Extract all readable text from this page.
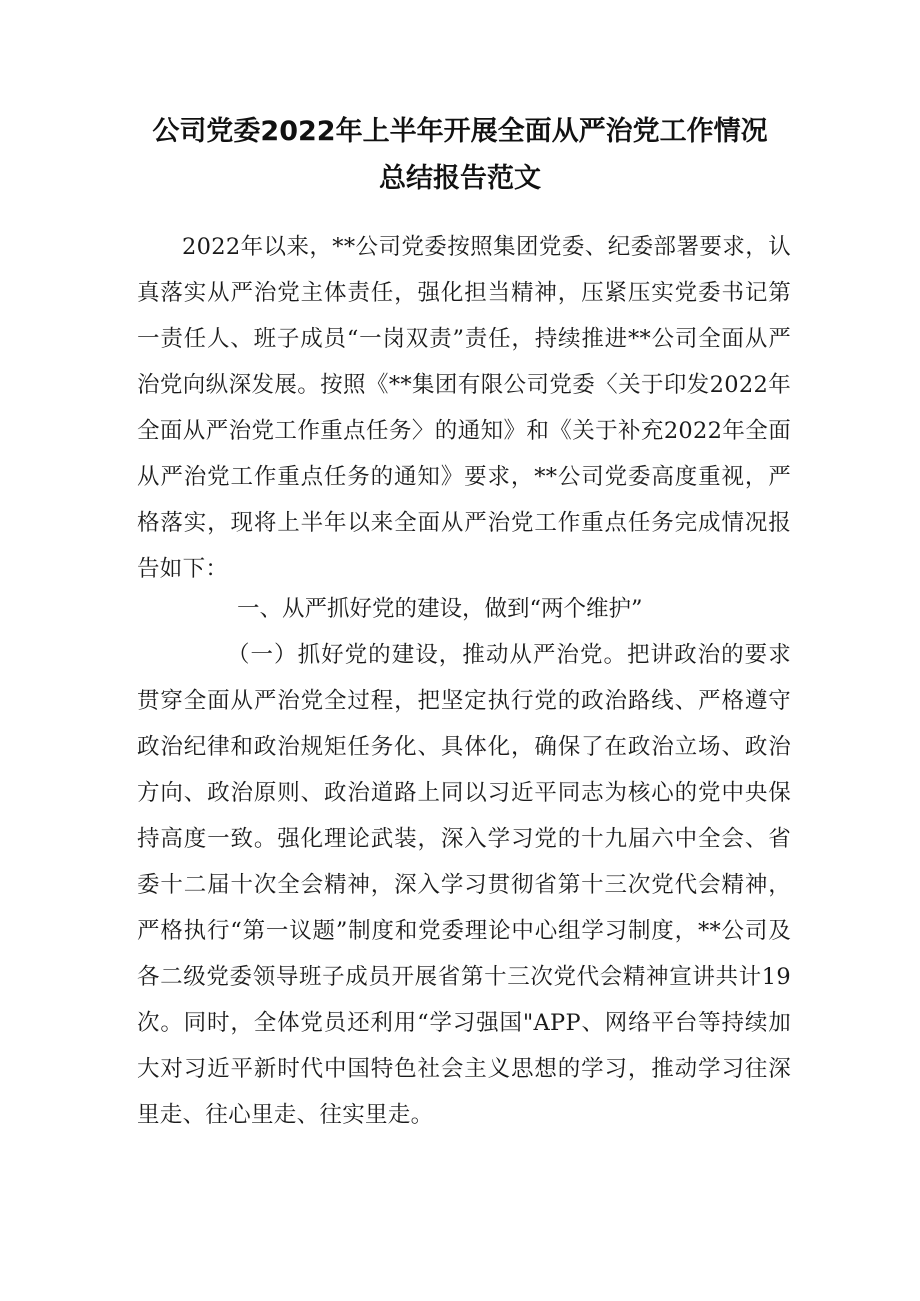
公司党委2022年上半年开展全面从严治党工作情况
总结报告范文

2022年以来，**公司党委按照集团党委、纪委部署要求，认真落实从严治党主体责任，强化担当精神，压紧压实党委书记第一责任人、班子成员“一岗双责”责任，持续推进**公司全面从严治党向纵深发展。按照《**集团有限公司党委〈关于印发2022年全面从严治党工作重点任务〉的通知》和《关于补充2022年全面从严治党工作重点任务的通知》要求，**公司党委高度重视，严格落实，现将上半年以来全面从严治党工作重点任务完成情况报告如下：

一、从严抓好党的建设，做到“两个维护”

（一）抓好党的建设，推动从严治党。把讲政治的要求贯穿全面从严治党全过程，把坚定执行党的政治路线、严格遵守政治纪律和政治规矩任务化、具体化，确保了在政治立场、政治方向、政治原则、政治道路上同以习近平同志为核心的党中央保持高度一致。强化理论武装，深入学习党的十九届六中全会、省委十二届十次全会精神，深入学习贯彻省第十三次党代会精神，严格执行“第一议题”制度和党委理论中心组学习制度，**公司及各二级党委领导班子成员开展省第十三次党代会精神宣讲共计19次。同时，全体党员还利用“学习强国"APP、网络平台等持续加大对习近平新时代中国特色社会主义思想的学习，推动学习往深里走、往心里走、往实里走。
